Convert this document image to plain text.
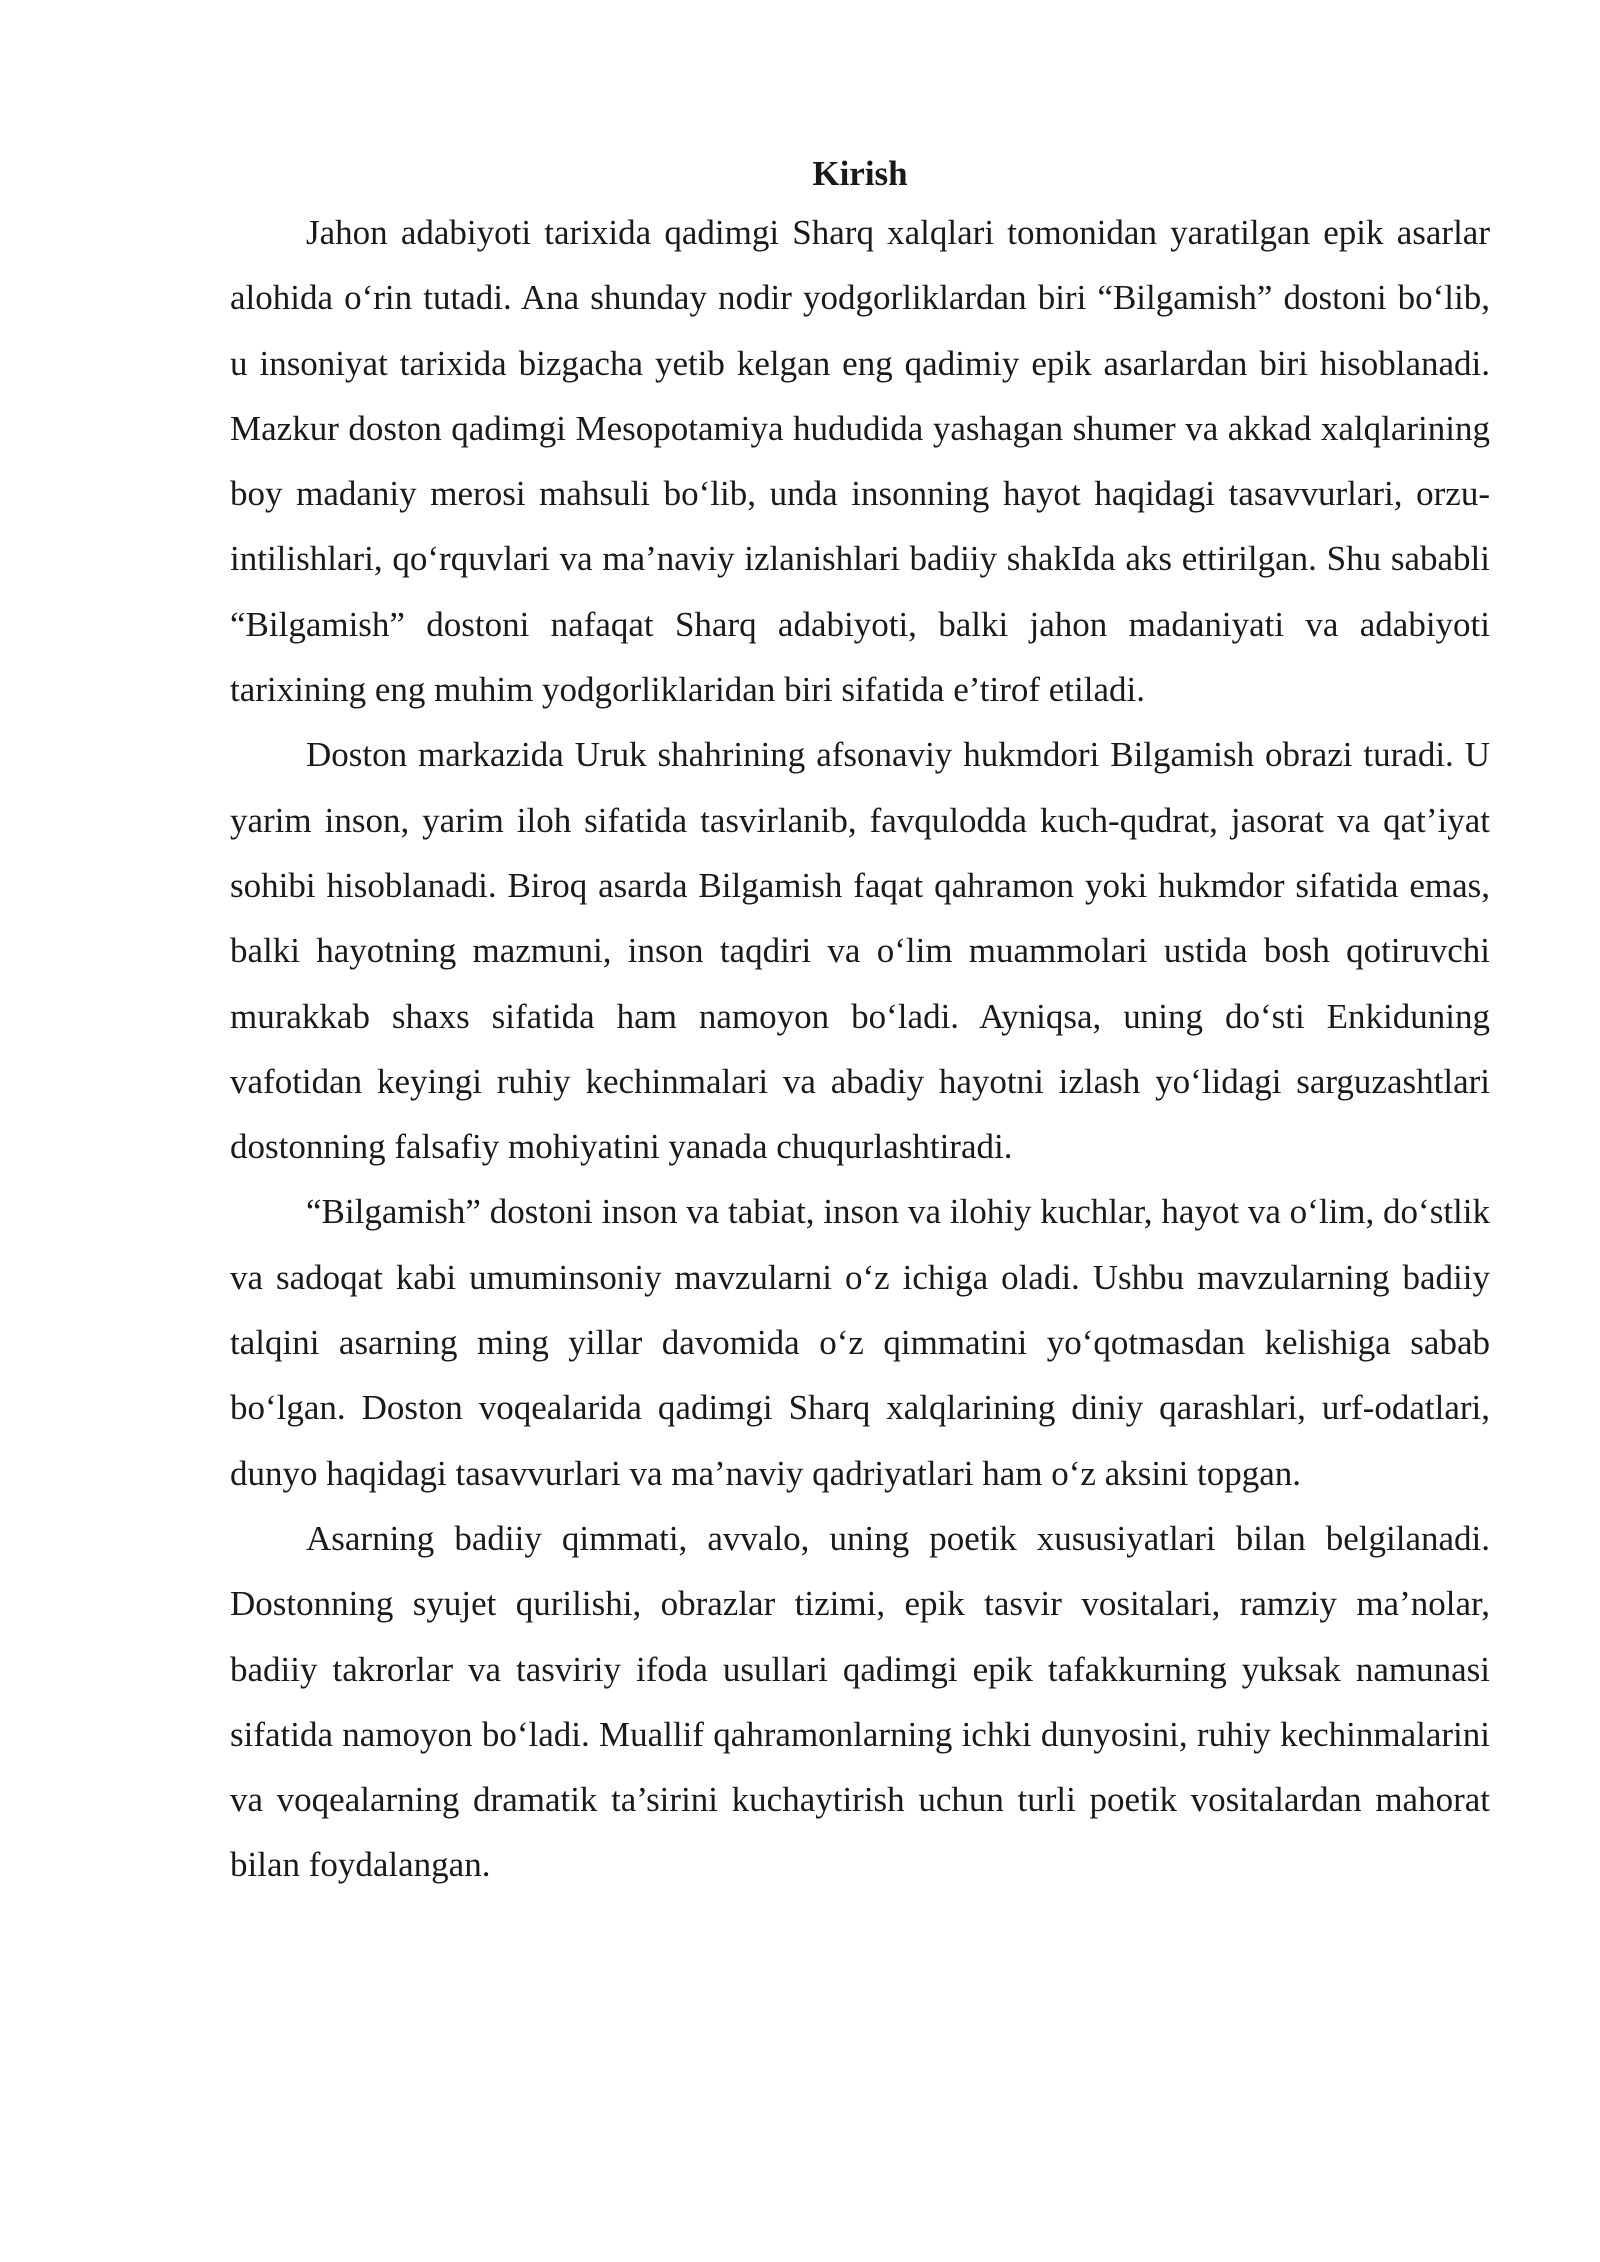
Kirish

Jahon adabiyoti tarixida qadimgi Sharq xalqlari tomonidan yaratilgan epik asarlar alohida o‘rin tutadi. Ana shunday nodir yodgorliklardan biri “Bilgamish” dostoni bo‘lib, u insoniyat tarixida bizgacha yetib kelgan eng qadimiy epik asarlardan biri hisoblanadi. Mazkur doston qadimgi Mesopotamiya hududida yashagan shumer va akkad xalqlarining boy madaniy merosi mahsuli bo‘lib, unda insonning hayot haqidagi tasavvurlari, orzu-intilishlari, qo‘rquvlari va ma’naviy izlanishlari badiiy shakIda aks ettirilgan. Shu sababli “Bilgamish” dostoni nafaqat Sharq adabiyoti, balki jahon madaniyati va adabiyoti tarixining eng muhim yodgorliklaridan biri sifatida e’tirof etiladi.

Doston markazida Uruk shahrining afsonaviy hukmdori Bilgamish obrazi turadi. U yarim inson, yarim iloh sifatida tasvirlanib, favqulodda kuch-qudrat, jasorat va qat’iyat sohibi hisoblanadi. Biroq asarda Bilgamish faqat qahramon yoki hukmdor sifatida emas, balki hayotning mazmuni, inson taqdiri va o‘lim muammolari ustida bosh qotiruvchi murakkab shaxs sifatida ham namoyon bo‘ladi. Ayniqsa, uning do‘sti Enkiduning vafotidan keyingi ruhiy kechinmalari va abadiy hayotni izlash yo‘lidagi sarguzashtlari dostonning falsafiy mohiyatini yanada chuqurlashtiradi.

“Bilgamish” dostoni inson va tabiat, inson va ilohiy kuchlar, hayot va o‘lim, do‘stlik va sadoqat kabi umuminsoniy mavzularni o‘z ichiga oladi. Ushbu mavzularning badiiy talqini asarning ming yillar davomida o‘z qimmatini yo‘qotmasdan kelishiga sabab bo‘lgan. Doston voqealarida qadimgi Sharq xalqlarining diniy qarashlari, urf-odatlari, dunyo haqidagi tasavvurlari va ma’naviy qadriyatlari ham o‘z aksini topgan.

Asarning badiiy qimmati, avvalo, uning poetik xususiyatlari bilan belgilanadi. Dostonning syujet qurilishi, obrazlar tizimi, epik tasvir vositalari, ramziy ma’nolar, badiiy takrorlar va tasviriy ifoda usullari qadimgi epik tafakkurning yuksak namunasi sifatida namoyon bo‘ladi. Muallif qahramonlarning ichki dunyosini, ruhiy kechinmalarini va voqealarning dramatik ta’sirini kuchaytirish uchun turli poetik vositalardan mahorat bilan foydalangan.
